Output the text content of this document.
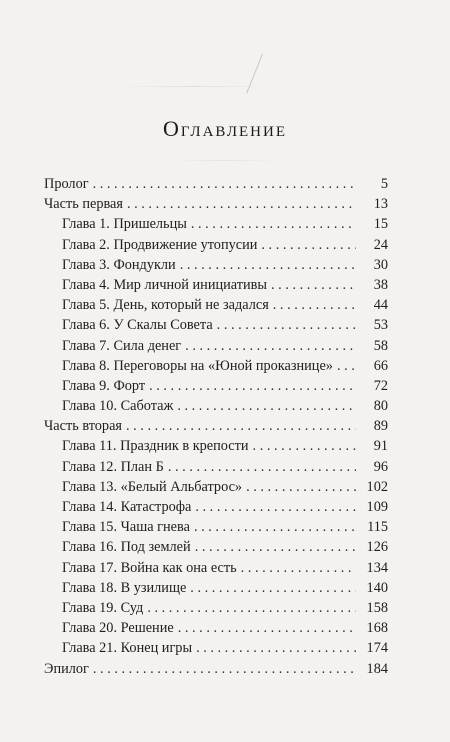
Оглавление
Пролог . . .	5
Часть первая . . .	13
Глава 1. Пришельцы . . .	15
Глава 2. Продвижение утопусии . . .	24
Глава 3. Фондукли . . .	30
Глава 4. Мир личной инициативы . . .	38
Глава 5. День, который не задался . . .	44
Глава 6. У Скалы Совета . . .	53
Глава 7. Сила денег . . .	58
Глава 8. Переговоры на «Юной проказнице» . . .	66
Глава 9. Форт . . .	72
Глава 10. Саботаж . . .	80
Часть вторая . . .	89
Глава 11. Праздник в крепости . . .	91
Глава 12. План Б . . .	96
Глава 13. «Белый Альбатрос» . . .	102
Глава 14. Катастрофа . . .	109
Глава 15. Чаша гнева . . .	115
Глава 16. Под землей . . .	126
Глава 17. Война как она есть . . .	134
Глава 18. В узилище . . .	140
Глава 19. Суд . . .	158
Глава 20. Решение . . .	168
Глава 21. Конец игры . . .	174
Эпилог . . .	184
